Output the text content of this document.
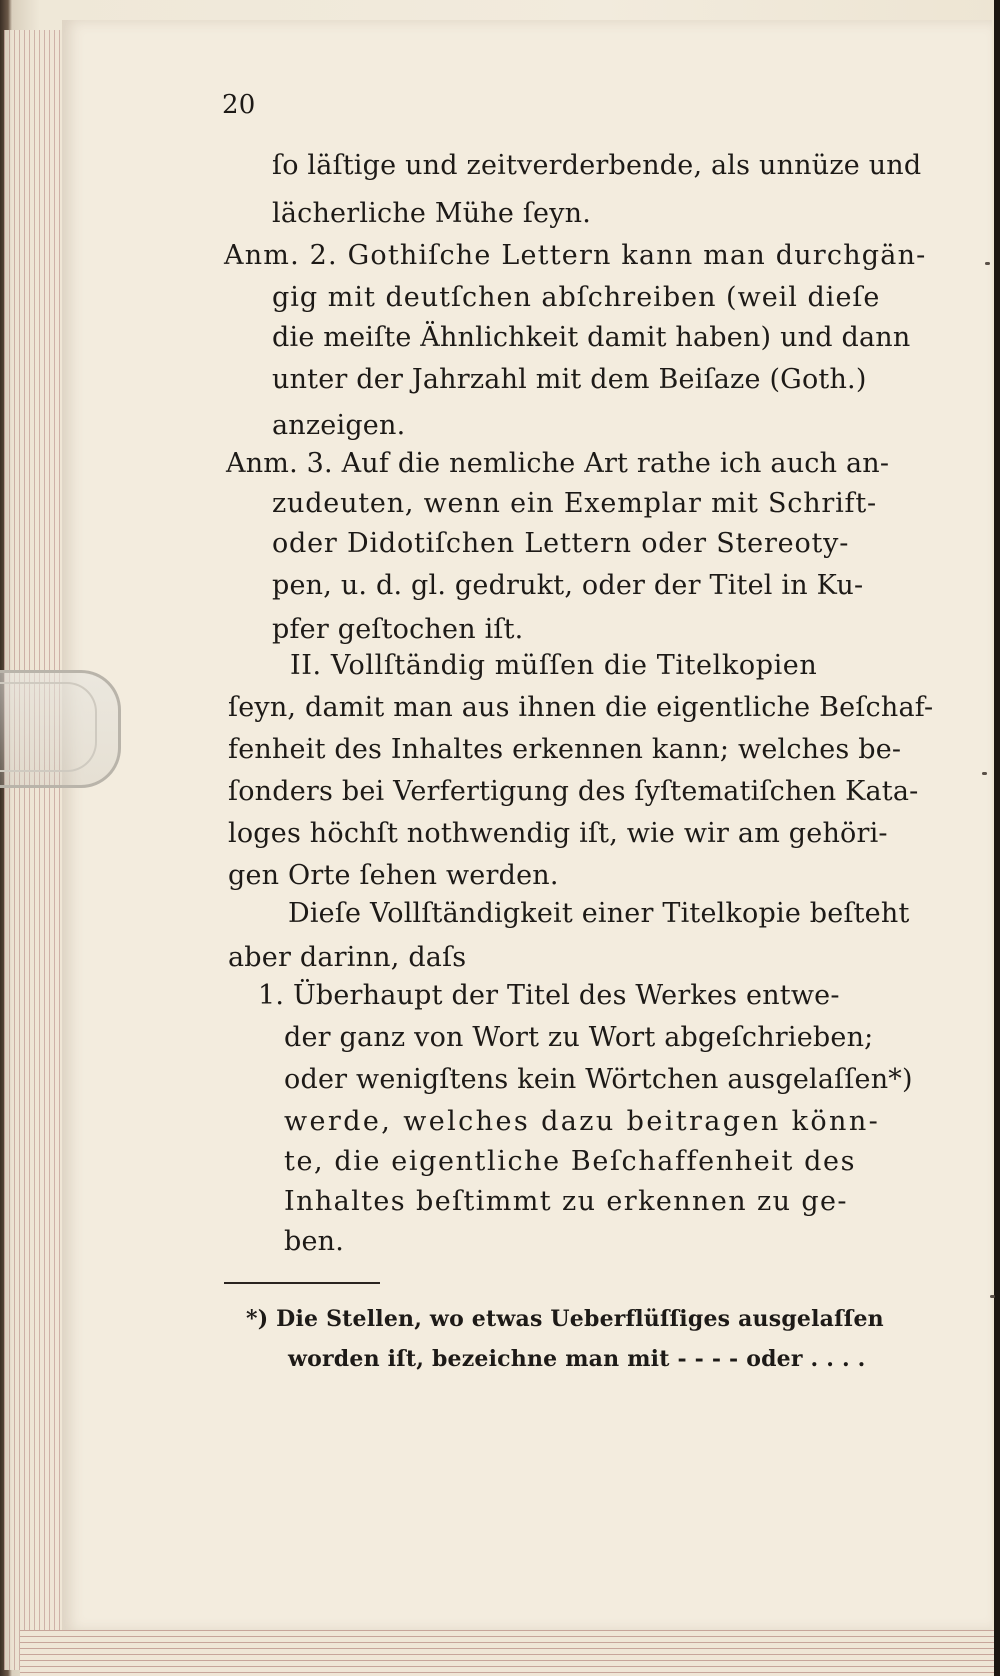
20
ſo läſtige und zeitverderbende, als unnüze und
lächerliche Mühe ſeyn.
Anm. 2. Gothiſche Lettern kann man durchgän-
gig mit deutſchen abſchreiben (weil dieſe
die meiſte Ähnlichkeit damit haben) und dann
unter der Jahrzahl mit dem Beiſaze (Goth.)
anzeigen.
Anm. 3. Auf die nemliche Art rathe ich auch an-
zudeuten, wenn ein Exemplar mit Schrift-
oder Didotiſchen Lettern oder Stereoty-
pen, u. d. gl. gedrukt, oder der Titel in Ku-
pfer geſtochen iſt.
II. Vollſtändig müſſen die Titelkopien
ſeyn, damit man aus ihnen die eigentliche Beſchaf-
fenheit des Inhaltes erkennen kann; welches be-
ſonders bei Verfertigung des ſyſtematiſchen Kata-
loges höchſt nothwendig iſt, wie wir am gehöri-
gen Orte ſehen werden.
Dieſe Vollſtändigkeit einer Titelkopie beſteht
aber darinn, daſs
1. Überhaupt der Titel des Werkes entwe-
der ganz von Wort zu Wort abgeſchrieben;
oder wenigſtens kein Wörtchen ausgelaſſen*)
werde, welches dazu beitragen könn-
te, die eigentliche Beſchaffenheit des
Inhaltes beſtimmt zu erkennen zu ge-
ben.
*) Die Stellen, wo etwas Ueberflüſſiges ausgelaſſen
worden iſt, bezeichne man mit - - - - oder . . . .
